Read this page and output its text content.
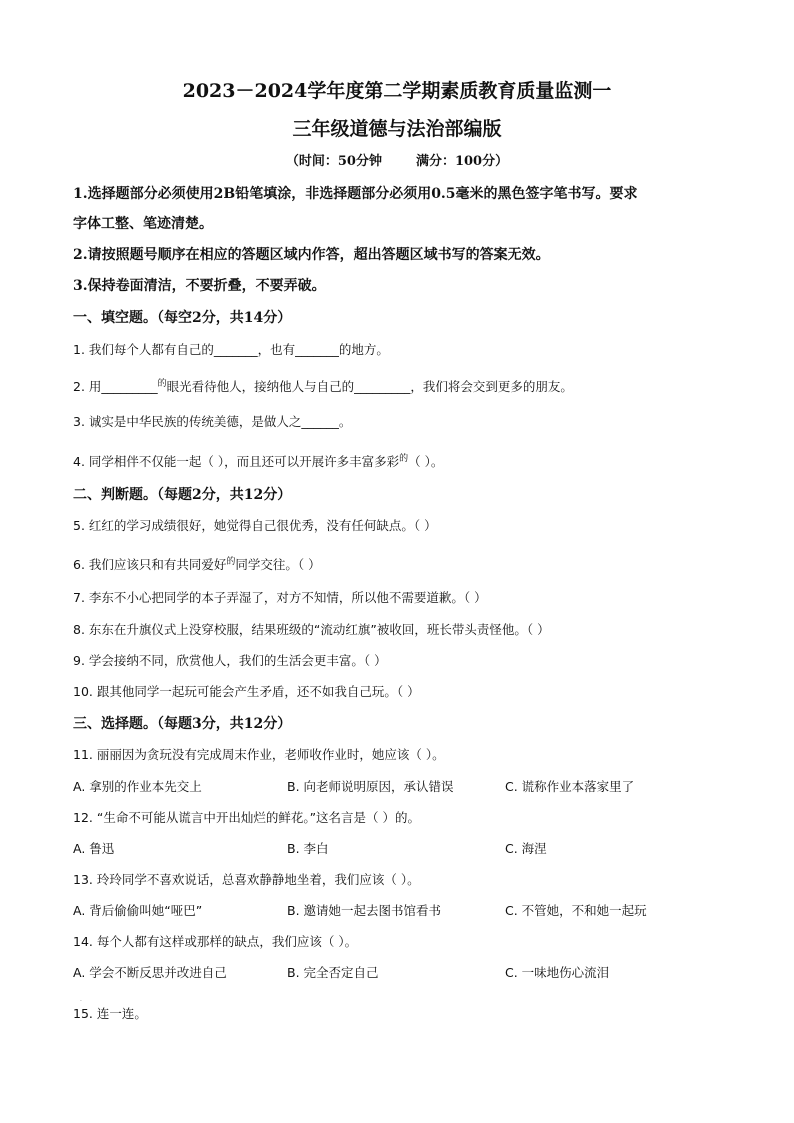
2023－2024学年度第二学期素质教育质量监测一
三年级道德与法治部编版
（时间：50分钟	满分：100分）
1.选择题部分必须使用2B铅笔填涂，非选择题部分必须用0.5毫米的黑色签字笔书写。要求
字体工整、笔迹清楚。
2.请按照题号顺序在相应的答题区域内作答，超出答题区域书写的答案无效。
3.保持卷面清洁，不要折叠，不要弄破。
一、填空题。（每空2分，共14分）
1. 我们每个人都有自己的_______，也有_______的地方。
2. 用_________$^的$眼光看待他人，接纳他人与自己的_________，我们将会交到更多的朋友。
3. 诚实是中华民族的传统美德，是做人之______。
4. 同学相伴不仅能一起（ ），而且还可以开展许多丰富多彩$^的$（ ）。
二、判断题。（每题2分，共12分）
5. 红红的学习成绩很好，她觉得自己很优秀，没有任何缺点。（ ）
6. 我们应该只和有共同爱好$^的$同学交往。（ ）
7. 李东不小心把同学的本子弄湿了，对方不知情，所以他不需要道歉。（ ）
8. 东东在升旗仪式上没穿校服，结果班级的“流动红旗”被收回，班长带头责怪他。（ ）
9. 学会接纳不同，欣赏他人，我们的生活会更丰富。（ ）
10. 跟其他同学一起玩可能会产生矛盾，还不如我自己玩。（ ）
三、选择题。（每题3分，共12分）
11. 丽丽因为贪玩没有完成周末作业，老师收作业时，她应该（ ）。
A. 拿别的作业本先交上	B. 向老师说明原因，承认错误	C. 谎称作业本落家里了
12. “生命不可能从谎言中开出灿烂的鲜花。”这名言是（ ）的。
A. 鲁迅	B. 李白	C. 海涅
13. 玲玲同学不喜欢说话，总喜欢静静地坐着，我们应该（ ）。
A. 背后偷偷叫她“哑巴”	B. 邀请她一起去图书馆看书	C. 不管她，不和她一起玩
14. 每个人都有这样或那样的缺点，我们应该（ ）。
A. 学会不断反思并改进自己	B. 完全否定自己	C. 一味地伤心流泪
.
15. 连一连。
